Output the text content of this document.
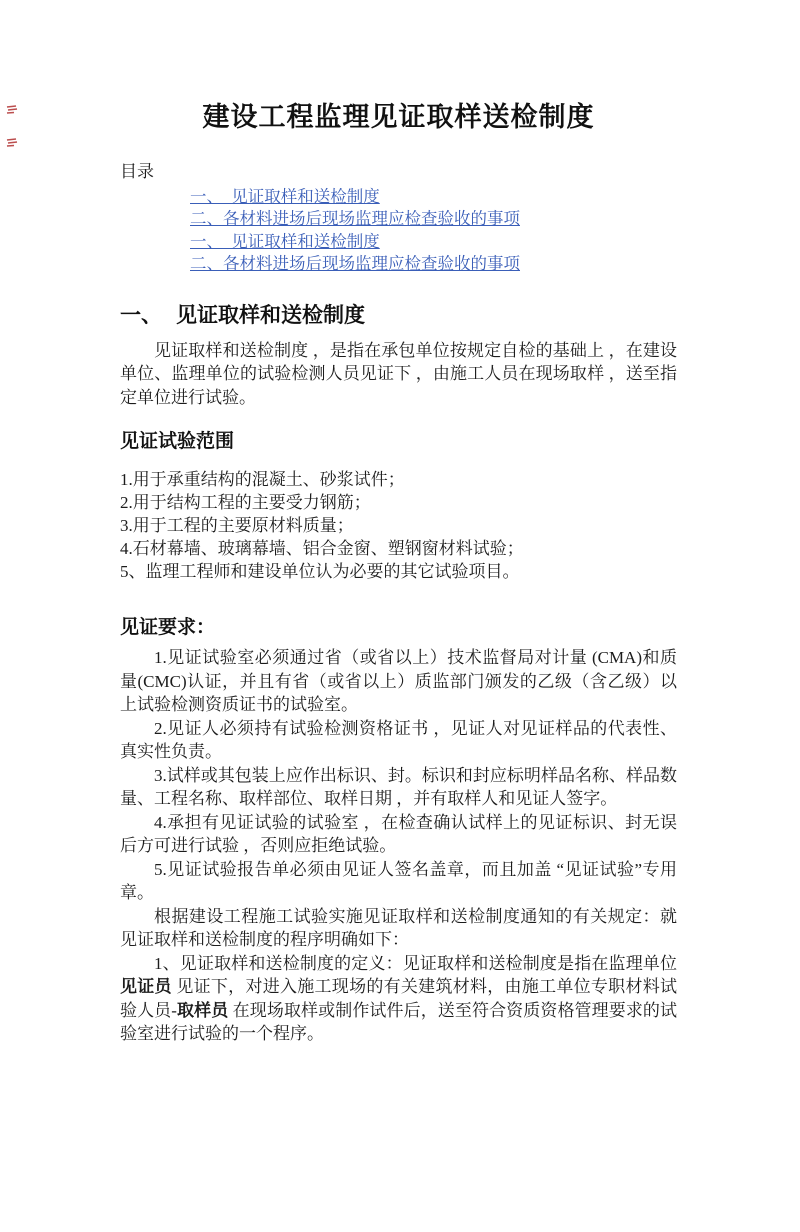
建设工程监理见证取样送检制度
目录
一、　见证取样和送检制度
二、各材料进场后现场监理应检查验收的事项
一、　见证取样和送检制度
二、各材料进场后现场监理应检查验收的事项
一、 见证取样和送检制度

见证取样和送检制度 ，是指在承包单位按规定自检的基础上 ，在建设单位、监理单位的试验检测人员见证下 ，由施工人员在现场取样 ，送至指定单位进行试验。

见证试验范围

1.用于承重结构的混凝土、砂浆试件；

2.用于结构工程的主要受力钢筋；

3.用于工程的主要原材料质量；

4.石材幕墙、玻璃幕墙、铝合金窗、塑钢窗材料试验；

5、监理工程师和建设单位认为必要的其它试验项目。

见证要求：

1.见证试验室必须通过省（或省以上）技术监督局对计量 (CMA)和质量(CMC)认证，并且有省（或省以上）质监部门颁发的乙级（含乙级）以上试验检测资质证书的试验室。

2.见证人必须持有试验检测资格证书 ，见证人对见证样品的代表性、真实性负责。

3.试样或其包装上应作出标识、封。标识和封应标明样品名称、样品数量、工程名称、取样部位、取样日期 ，并有取样人和见证人签字。

4.承担有见证试验的试验室 ，在检查确认试样上的见证标识、封无误后方可进行试验 ，否则应拒绝试验。

5.见证试验报告单必须由见证人签名盖章，而且加盖 “见证试验”专用章。

根据建设工程施工试验实施见证取样和送检制度通知的有关规定：就见证取样和送检制度的程序明确如下：

1、见证取样和送检制度的定义：见证取样和送检制度是指在监理单位见证员 见证下，对进入施工现场的有关建筑材料，由施工单位专职材料试验人员-取样员 在现场取样或制作试件后，送至符合资质资格管理要求的试验室进行试验的一个程序。
